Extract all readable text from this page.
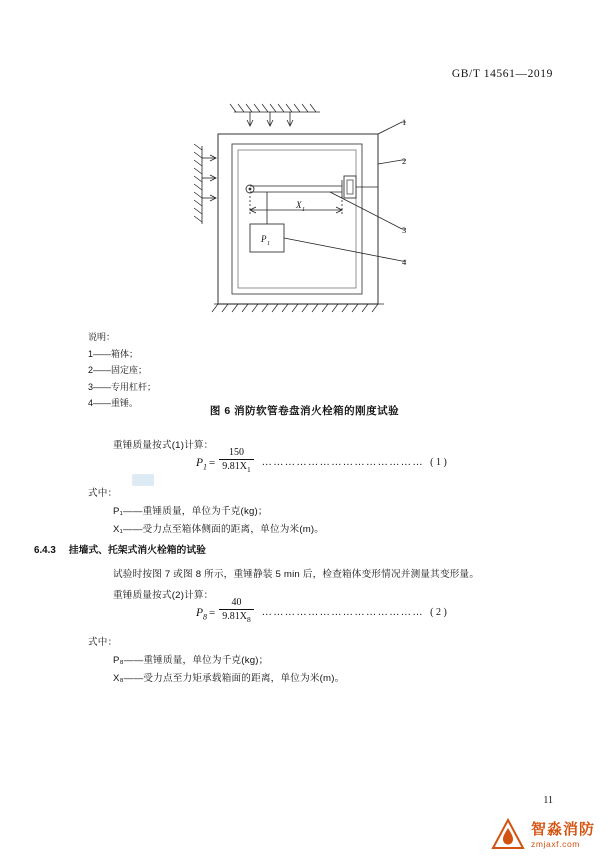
GB/T 14561—2019
X 1
P 1
1
2
3
4
说明：
1——箱体；
2——固定座；
3——专用杠杆；
4——重锤。
图 6 消防软管卷盘消火栓箱的刚度试验
重锤质量按式(1)计算：
$P_1 = \frac{150}{9.81X_1}$ …………………………………… ( 1 )
式中：
P₁——重锤质量，单位为千克(kg)；
X₁——受力点至箱体侧面的距离，单位为米(m)。
6.4.3 挂墙式、托架式消火栓箱的试验
试验时按图 7 或图 8 所示，重锤静装 5 min 后，检查箱体变形情况并测量其变形量。
重锤质量按式(2)计算：
$P_8 = \frac{40}{9.81X_8}$ …………………………………… ( 2 )
式中：
P₈——重锤质量，单位为千克(kg)；
X₈——受力点至力矩承载箱面的距离，单位为米(m)。
11
智淼消防
zmjaxf.com
